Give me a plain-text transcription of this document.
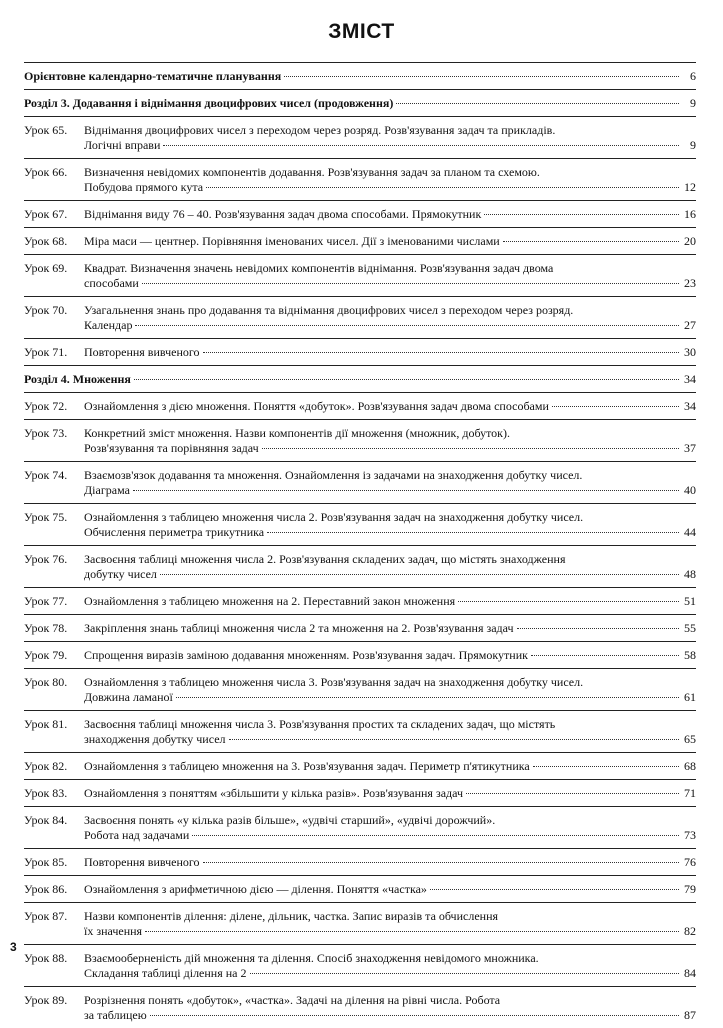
ЗМІСТ
Орієнтовне календарно-тематичне планування	6
Розділ 3. Додавання і віднімання двоцифрових чисел (продовження)	9
Урок 65.	Віднімання двоцифрових чисел з переходом через розряд. Розв'язування задач та прикладів.
Логічні вправи	9
Урок 66.	Визначення невідомих компонентів додавання. Розв'язування задач за планом та схемою.
Побудова прямого кута	12
Урок 67.	Віднімання виду 76 – 40. Розв'язування задач двома способами. Прямокутник	16
Урок 68.	Міра маси — центнер. Порівняння іменованих чисел. Дії з іменованими числами	20
Урок 69.	Квадрат. Визначення значень невідомих компонентів віднімання. Розв'язування задач двома
способами	23
Урок 70.	Узагальнення знань про додавання та віднімання двоцифрових чисел з переходом через розряд.
Календар	27
Урок 71.	Повторення вивченого	30
Розділ 4. Множення	34
Урок 72.	Ознайомлення з дією множення. Поняття «добуток». Розв'язування задач двома способами	34
Урок 73.	Конкретний зміст множення. Назви компонентів дії множення (множник, добуток).
Розв'язування та порівняння задач	37
Урок 74.	Взаємозв'язок додавання та множення. Ознайомлення із задачами на знаходження добутку чисел.
Діаграма	40
Урок 75.	Ознайомлення з таблицею множення числа 2. Розв'язування задач на знаходження добутку чисел.
Обчислення периметра трикутника	44
Урок 76.	Засвоєння таблиці множення числа 2. Розв'язування складених задач, що містять знаходження
добутку чисел	48
Урок 77.	Ознайомлення з таблицею множення на 2. Переставний закон множення	51
Урок 78.	Закріплення знань таблиці множення числа 2 та множення на 2. Розв'язування задач	55
Урок 79.	Спрощення виразів заміною додавання множенням. Розв'язування задач. Прямокутник	58
Урок 80.	Ознайомлення з таблицею множення числа 3. Розв'язування задач на знаходження добутку чисел.
Довжина ламаної	61
Урок 81.	Засвоєння таблиці множення числа 3. Розв'язування простих та складених задач, що містять
знаходження добутку чисел	65
Урок 82.	Ознайомлення з таблицею множення на 3. Розв'язування задач. Периметр п'ятикутника	68
Урок 83.	Ознайомлення з поняттям «збільшити у кілька разів». Розв'язування задач	71
Урок 84.	Засвоєння понять «у кілька разів більше», «удвічі старший», «удвічі дорожчий».
Робота над задачами	73
Урок 85.	Повторення вивченого	76
Урок 86.	Ознайомлення з арифметичною дією — ділення. Поняття «частка»	79
Урок 87.	Назви компонентів ділення: ділене, дільник, частка. Запис виразів та обчислення
їх значення	82
Урок 88.	Взаємооберненість дій множення та ділення. Спосіб знаходження невідомого множника.
Складання таблиці ділення на 2	84
Урок 89.	Розрізнення понять «добуток», «частка». Задачі на ділення на рівні числа. Робота
за таблицею	87
3
